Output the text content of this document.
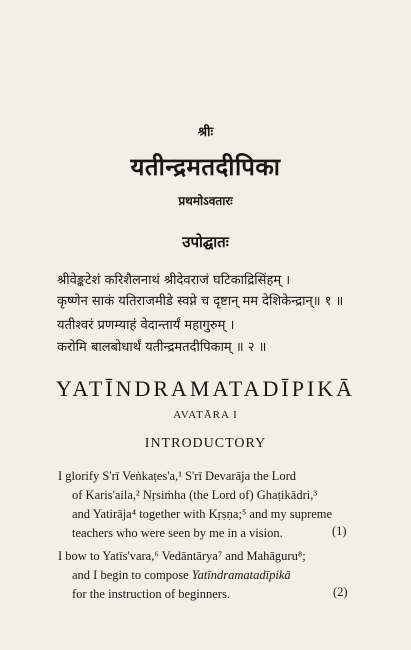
श्रीः
यतीन्द्रमतदीपिका
प्रथमोऽवतारः
उपोद्घातः
श्रीवेङ्कटेशं करिशैलनाथं श्रीदेवराजं घटिकाद्रिसिंहम् ।
कृष्णेन साकं यतिराजमीडे स्वप्ने च दृष्टान् मम देशिकेन्द्रान्॥ १ ॥
यतीश्वरं प्रणम्याहं वेदान्तार्यं महागुरुम् ।
करोमि बालबोधार्थं यतीन्द्रमतदीपिकाम् ॥ २ ॥
YATĪNDRAMATADĪPIKĀ
AVATĀRA I
INTRODUCTORY
I glorify S'rī Veṅkaṭes'a,¹ S'rī Devarāja the Lord
of Karis'aila,² Nṛsiṁha (the Lord of) Ghaṭikādri,³
and Yatirāja⁴ together with Kṛṣṇa;⁵ and my supreme
teachers who were seen by me in a vision.	(1)
I bow to Yatīs'vara,⁶ Vedāntārya⁷ and Mahāguru⁸;
and I begin to compose Yatīndramatadīpikā
for the instruction of beginners.	(2)
